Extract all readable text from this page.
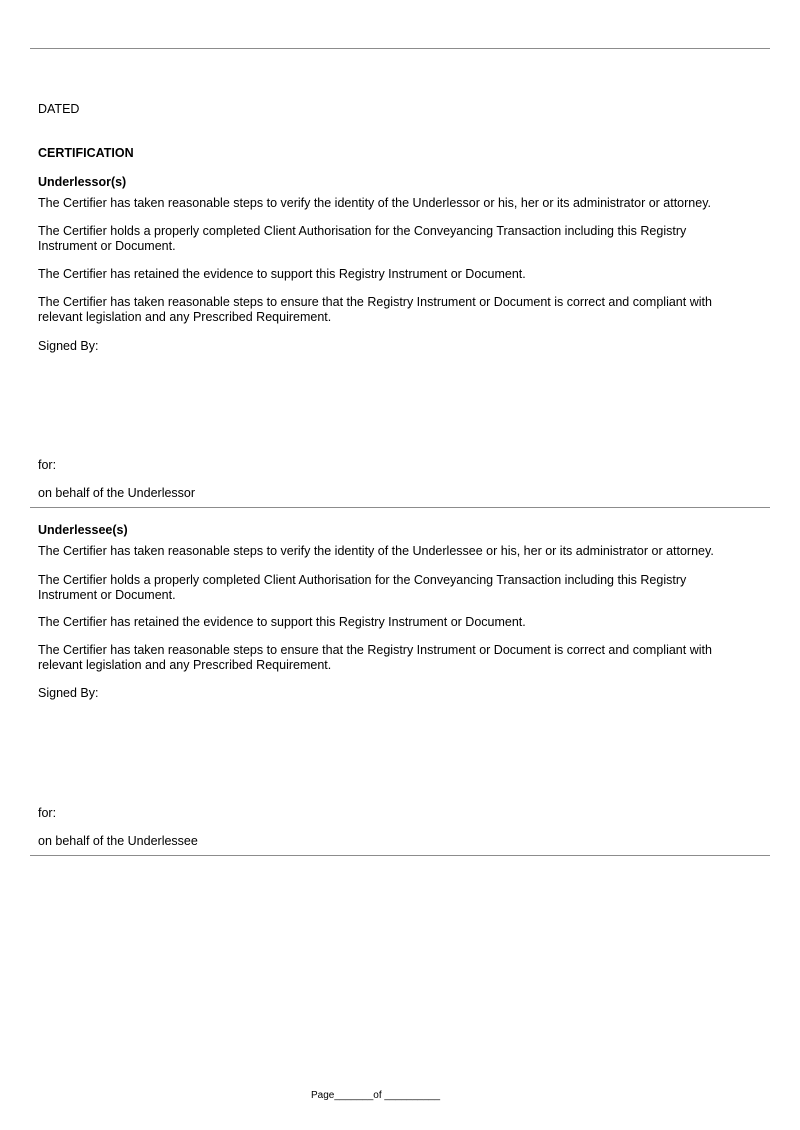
DATED
CERTIFICATION
Underlessor(s)
The Certifier has taken reasonable steps to verify the identity of the Underlessor or his, her or its administrator or attorney.
The Certifier holds a properly completed Client Authorisation for the Conveyancing Transaction including this Registry Instrument or Document.
The Certifier has retained the evidence to support this Registry Instrument or Document.
The Certifier has taken reasonable steps to ensure that the Registry Instrument or Document is correct and compliant with relevant legislation and any Prescribed Requirement.
Signed By:
for:
on behalf of the Underlessor
Underlessee(s)
The Certifier has taken reasonable steps to verify the identity of the Underlessee or his, her or its administrator or attorney.
The Certifier holds a properly completed Client Authorisation for the Conveyancing Transaction including this Registry Instrument or Document.
The Certifier has retained the evidence to support this Registry Instrument or Document.
The Certifier has taken reasonable steps to ensure that the Registry Instrument or Document is correct and compliant with relevant legislation and any Prescribed Requirement.
Signed By:
for:
on behalf of the Underlessee
Page_______of __________
